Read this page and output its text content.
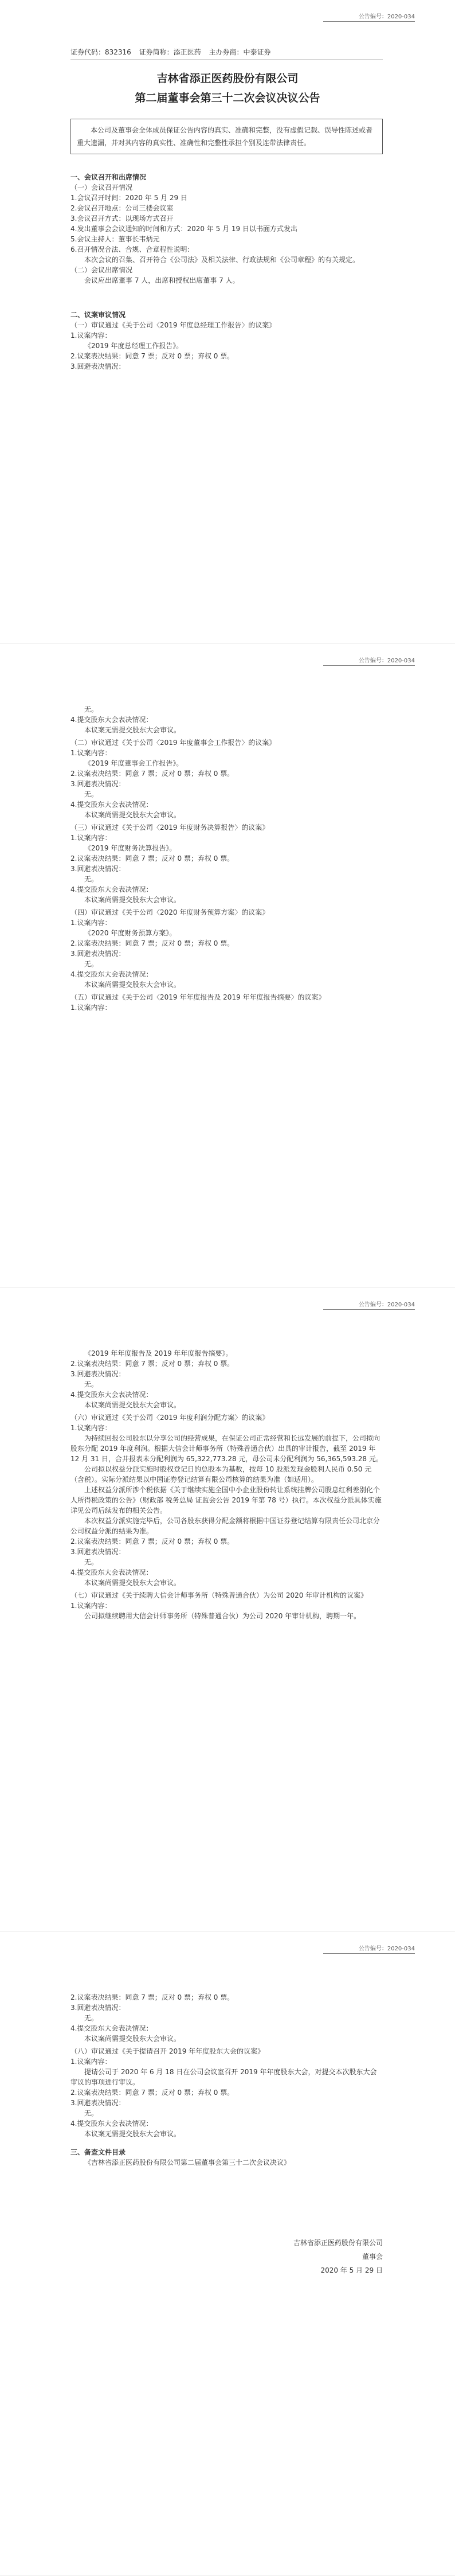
公告编号：2020-034
证券代码：832316 证券简称：添正医药 主办券商：中泰证券
吉林省添正医药股份有限公司
第二届董事会第三十二次会议决议公告
本公司及董事会全体成员保证公告内容的真实、准确和完整，没有虚假记载、误导性陈述或者重大遗漏，并对其内容的真实性、准确性和完整性承担个别及连带法律责任。
一、会议召开和出席情况
（一）会议召开情况
1.会议召开时间：2020 年 5 月 29 日
2.会议召开地点：公司三楼会议室
3.会议召开方式：以现场方式召开
4.发出董事会会议通知的时间和方式：2020 年 5 月 19 日以书面方式发出
5.会议主持人：董事长韦炳元
6.召开情况合法、合规、合章程性说明：
本次会议的召集、召开符合《公司法》及相关法律、行政法规和《公司章程》的有关规定。
（二）会议出席情况
会议应出席董事 7 人，出席和授权出席董事 7 人。
二、议案审议情况
（一）审议通过《关于公司〈2019 年度总经理工作报告〉的议案》
1.议案内容：
《2019 年度总经理工作报告》。
2.议案表决结果：同意 7 票；反对 0 票；弃权 0 票。
3.回避表决情况：
公告编号：2020-034
无。
4.提交股东大会表决情况：
本议案无需提交股东大会审议。
（二）审议通过《关于公司〈2019 年度董事会工作报告〉的议案》
1.议案内容：
《2019 年度董事会工作报告》。
2.议案表决结果：同意 7 票；反对 0 票；弃权 0 票。
3.回避表决情况：
无。
4.提交股东大会表决情况：
本议案尚需提交股东大会审议。
（三）审议通过《关于公司〈2019 年度财务决算报告〉的议案》
1.议案内容：
《2019 年度财务决算报告》。
2.议案表决结果：同意 7 票；反对 0 票；弃权 0 票。
3.回避表决情况：
无。
4.提交股东大会表决情况：
本议案尚需提交股东大会审议。
（四）审议通过《关于公司〈2020 年度财务预算方案〉的议案》
1.议案内容：
《2020 年度财务预算方案》。
2.议案表决结果：同意 7 票；反对 0 票；弃权 0 票。
3.回避表决情况：
无。
4.提交股东大会表决情况：
本议案尚需提交股东大会审议。
（五）审议通过《关于公司〈2019 年年度报告及 2019 年年度报告摘要〉的议案》
1.议案内容：
公告编号：2020-034
《2019 年年度报告及 2019 年年度报告摘要》。
2.议案表决结果：同意 7 票；反对 0 票；弃权 0 票。
3.回避表决情况：
无。
4.提交股东大会表决情况：
本议案尚需提交股东大会审议。
（六）审议通过《关于公司〈2019 年度利润分配方案〉的议案》
1.议案内容：
为持续回报公司股东以分享公司的经营成果，在保证公司正常经营和长远发展的前提下，公司拟向股东分配 2019 年度利润。根据大信会计师事务所（特殊普通合伙）出具的审计报告，截至 2019 年 12 月 31 日，合并报表未分配利润为 65,322,773.28 元，母公司未分配利润为 56,365,593.28 元。
公司拟以权益分派实施时股权登记日的总股本为基数，按每 10 股派发现金股利人民币 0.50 元（含税）。实际分派结果以中国证券登记结算有限公司核算的结果为准（如适用）。
上述权益分派所涉个税依据《关于继续实施全国中小企业股份转让系统挂牌公司股息红利差别化个人所得税政策的公告》（财政部 税务总局 证监会公告 2019 年第 78 号）执行。本次权益分派具体实施详见公司后续发布的相关公告。
本次权益分派实施完毕后，公司各股东获得分配金额将根据中国证券登记结算有限责任公司北京分公司权益分派的结果为准。
2.议案表决结果：同意 7 票；反对 0 票；弃权 0 票。
3.回避表决情况：
无。
4.提交股东大会表决情况：
本议案尚需提交股东大会审议。
（七）审议通过《关于续聘大信会计师事务所（特殊普通合伙）为公司 2020 年审计机构的议案》
1.议案内容：
公司拟继续聘用大信会计师事务所（特殊普通合伙）为公司 2020 年审计机构，聘期一年。
公告编号：2020-034
2.议案表决结果：同意 7 票；反对 0 票；弃权 0 票。
3.回避表决情况：
无。
4.提交股东大会表决情况：
本议案尚需提交股东大会审议。
（八）审议通过《关于提请召开 2019 年年度股东大会的议案》
1.议案内容：
提请公司于 2020 年 6 月 18 日在公司会议室召开 2019 年年度股东大会，对提交本次股东大会审议的事项进行审议。
2.议案表决结果：同意 7 票；反对 0 票；弃权 0 票。
3.回避表决情况：
无。
4.提交股东大会表决情况：
本议案无需提交股东大会审议。
三、备查文件目录
《吉林省添正医药股份有限公司第二届董事会第三十二次会议决议》
吉林省添正医药股份有限公司
董事会
2020 年 5 月 29 日
